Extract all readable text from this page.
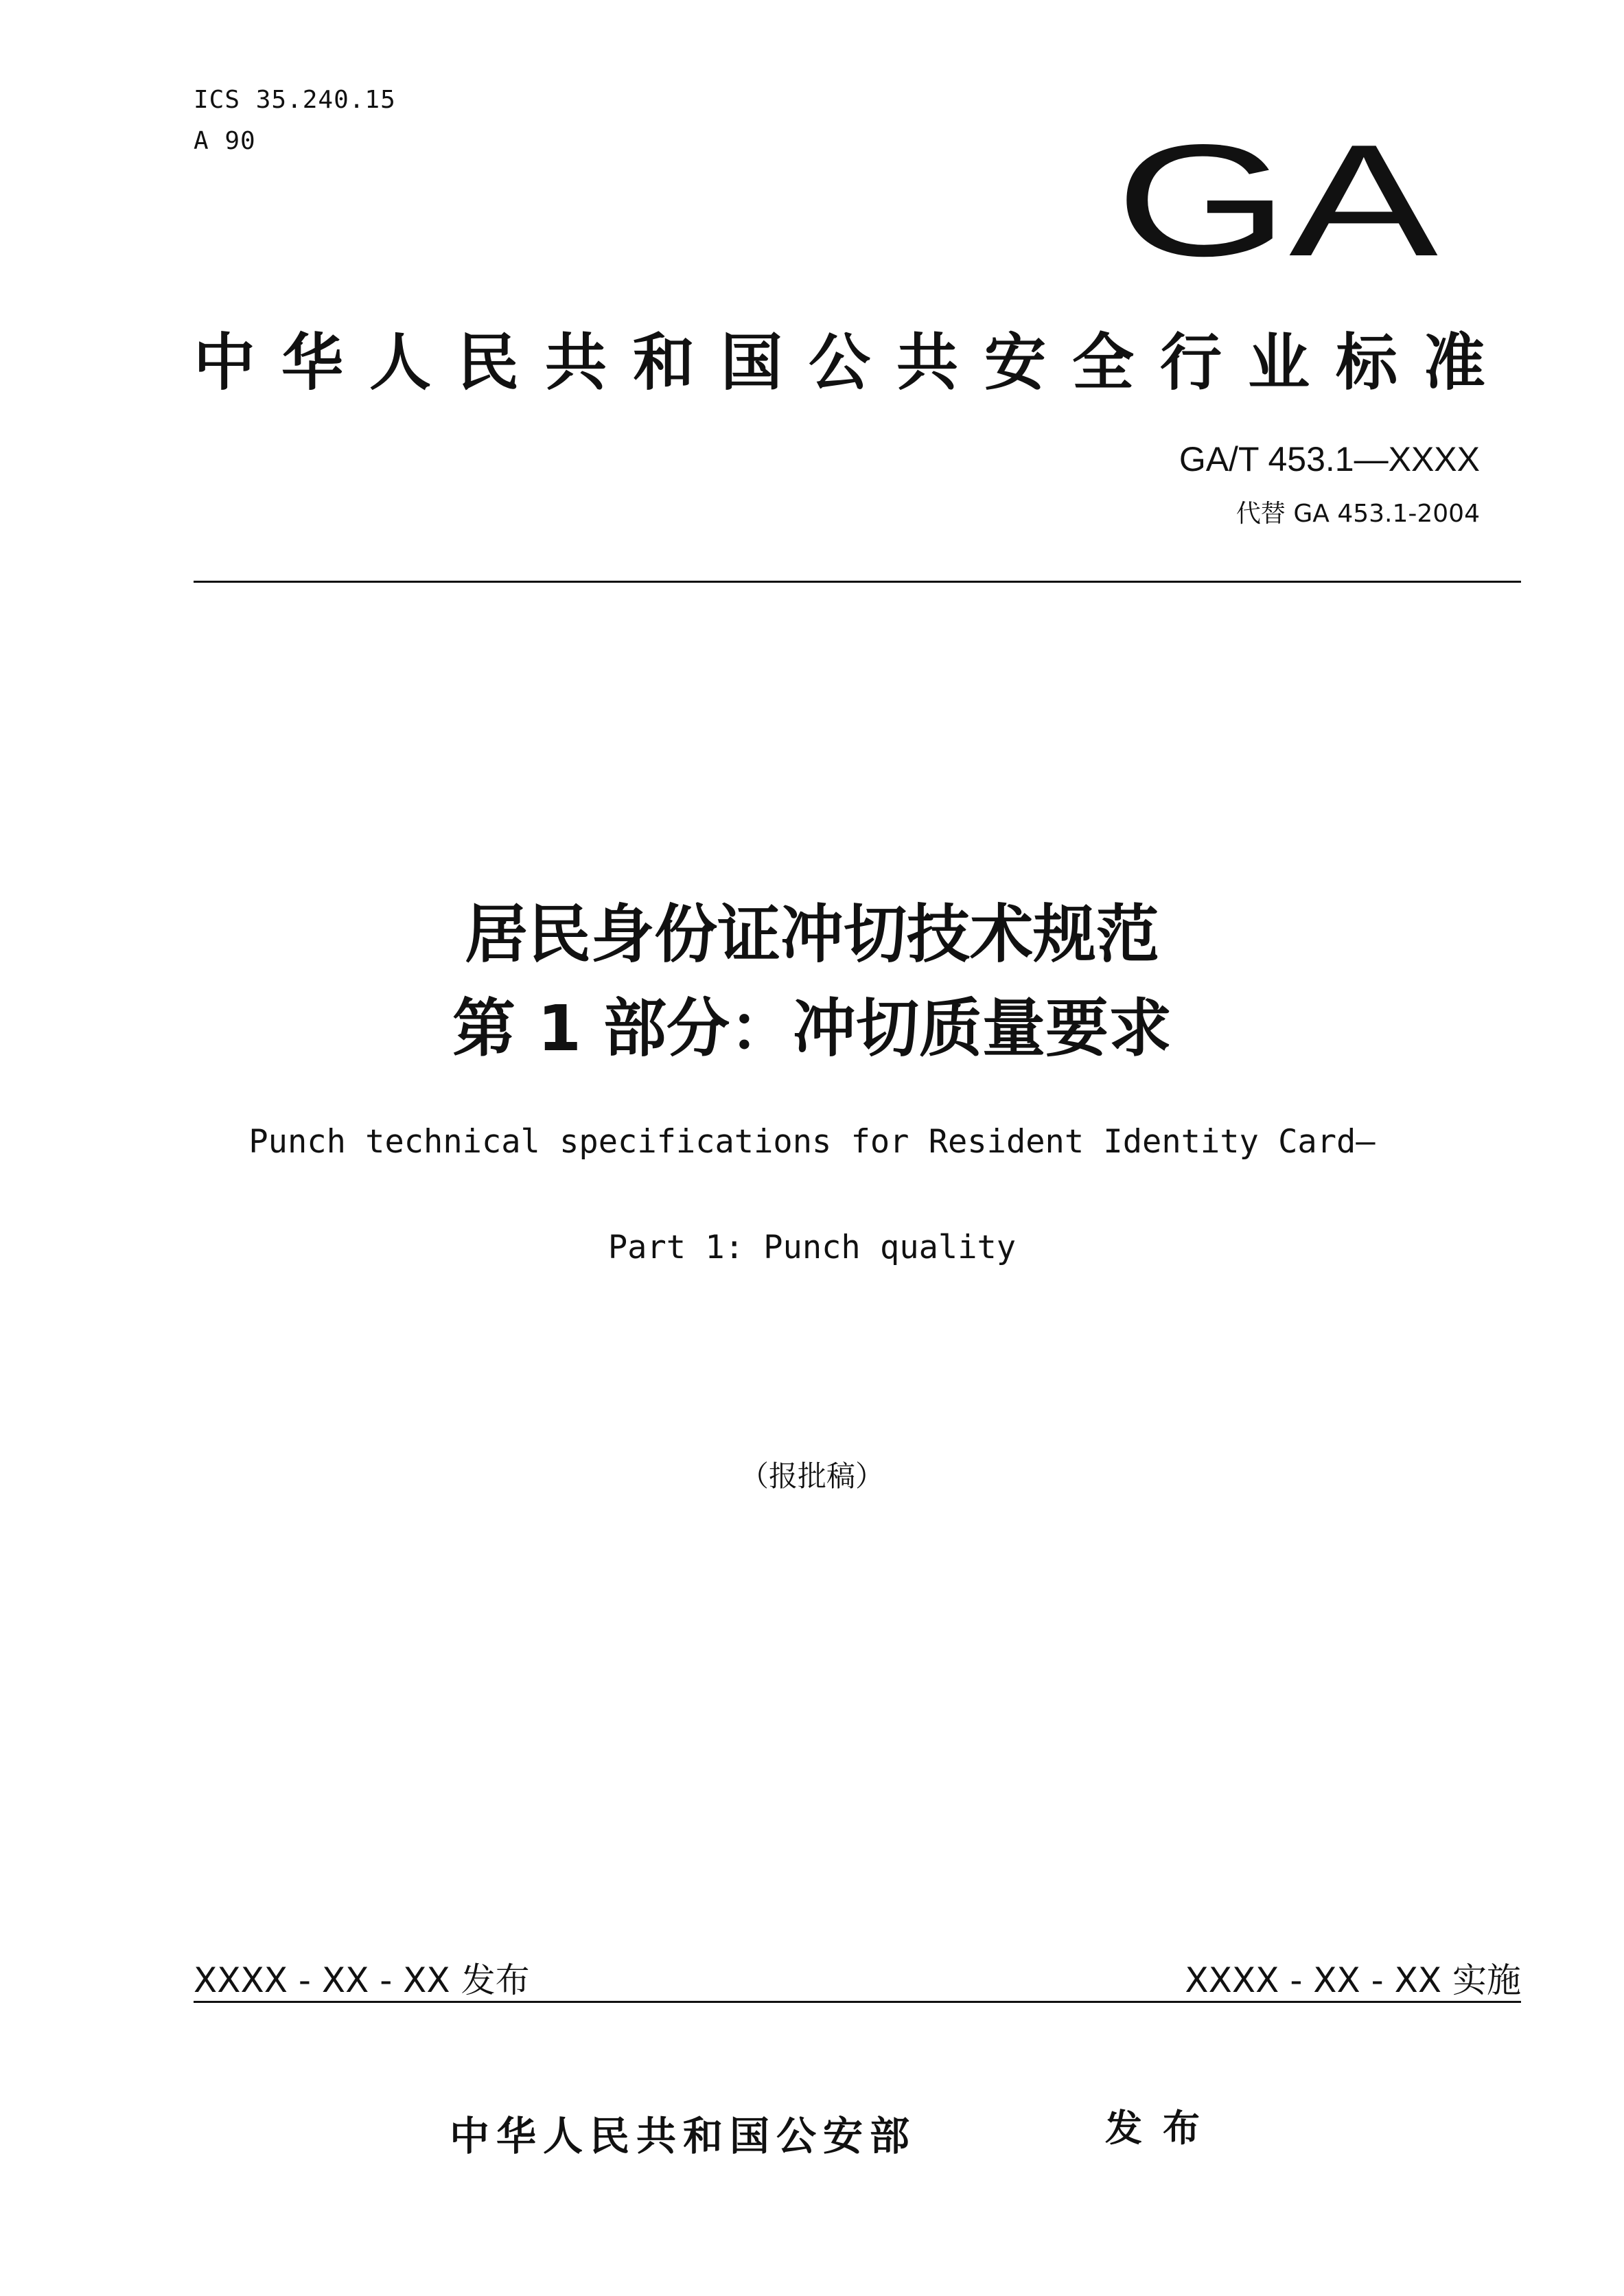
ICS 35.240.15
A 90	GA
中华人民共和国公共安全行业标准
GA/T 453.1—XXXX
代替 GA 453.1-2004
居民身份证冲切技术规范
第 1 部分：冲切质量要求
Punch technical specifications for Resident Identity Card—
Part 1: Punch quality
（报批稿）
XXXX - XX - XX 发布	XXXX - XX - XX 实施
中华人民共和国公安部	发布
